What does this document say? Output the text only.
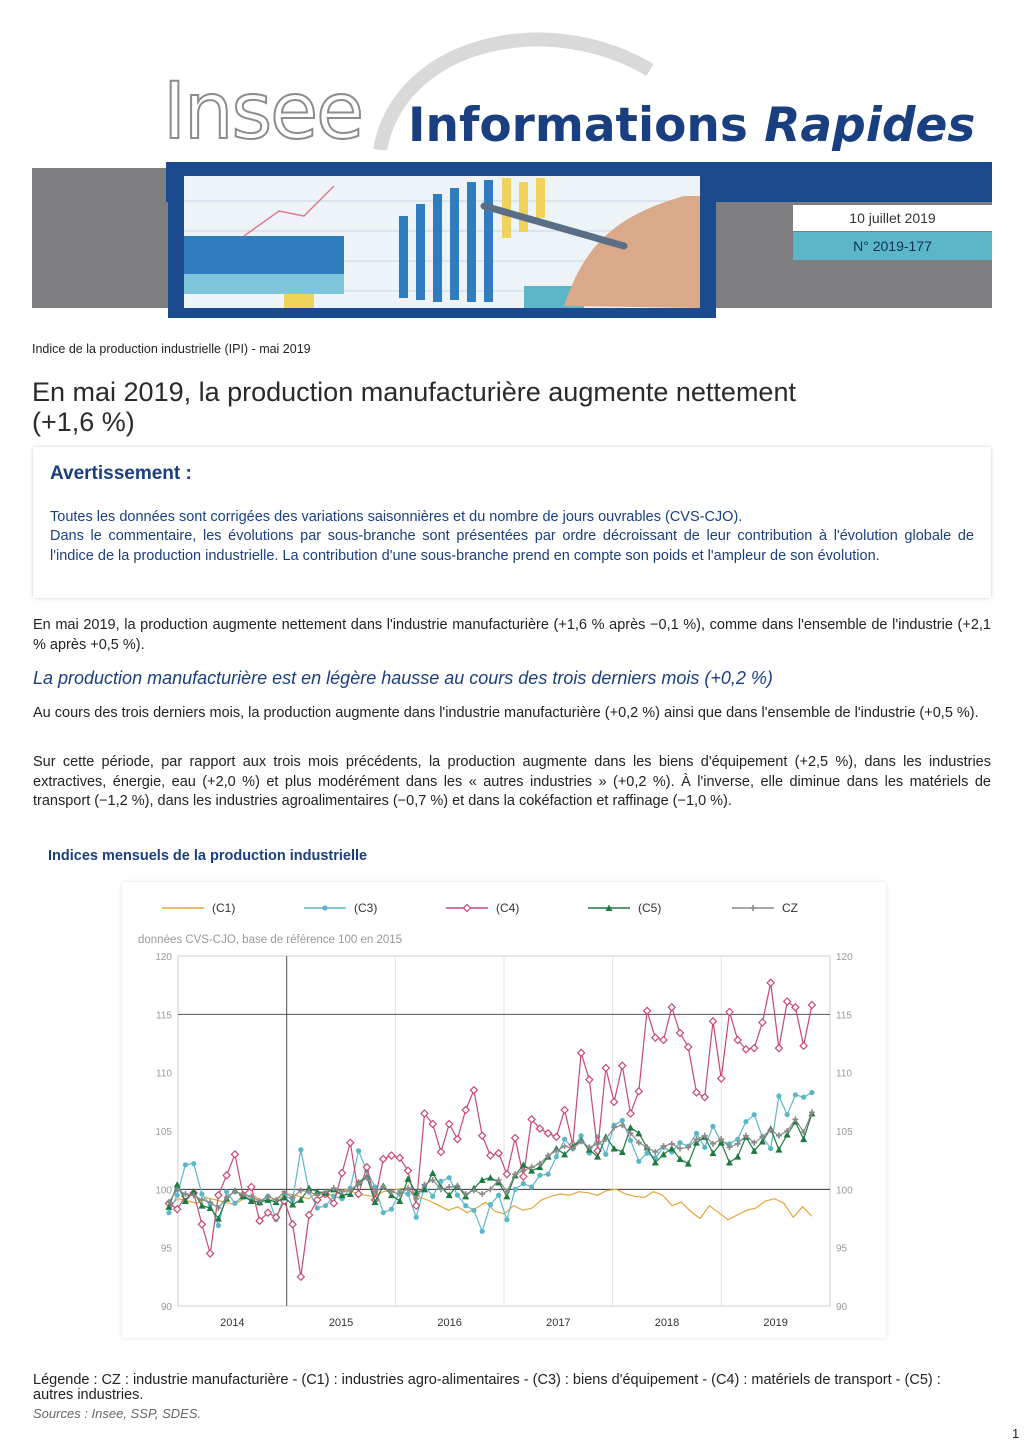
Insee Informations Rapides
10 juillet 2019
N° 2019-177
Indice de la production industrielle (IPI) - mai 2019
En mai 2019, la production manufacturière augmente nettement
(+1,6 %)
Avertissement :
Toutes les données sont corrigées des variations saisonnières et du nombre de jours ouvrables (CVS-CJO).
Dans le commentaire, les évolutions par sous-branche sont présentées par ordre décroissant de leur contribution à l'évolution globale de l'indice de la production industrielle. La contribution d'une sous-branche prend en compte son poids et l'ampleur de son évolution.
En mai 2019, la production augmente nettement dans l'industrie manufacturière (+1,6 % après −0,1 %), comme dans l'ensemble de l'industrie (+2,1 % après +0,5 %).
La production manufacturière est en légère hausse au cours des trois derniers mois (+0,2 %)
Au cours des trois derniers mois, la production augmente dans l'industrie manufacturière (+0,2 %) ainsi que dans l'ensemble de l'industrie (+0,5 %).
Sur cette période, par rapport aux trois mois précédents, la production augmente dans les biens d'équipement (+2,5 %), dans les industries extractives, énergie, eau (+2,0 %) et plus modérément dans les « autres industries » (+0,2 %). À l'inverse, elle diminue dans les matériels de transport (−1,2 %), dans les industries agroalimentaires (−0,7 %) et dans la cokéfaction et raffinage (−1,0 %).
Indices mensuels de la production industrielle
90	90
95	95
100	100
105	105
110	110
115	115
120	120
2014	2015	2016	2017	2018	2019
données CVS-CJO, base de référence 100 en 2015
(C1)	(C3)	(C4)	(C5)	CZ
Légende : CZ : industrie manufacturière - (C1) : industries agro-alimentaires - (C3) : biens d'équipement - (C4) : matériels de transport - (C5) : autres industries.
Sources : Insee, SSP, SDES.
1
